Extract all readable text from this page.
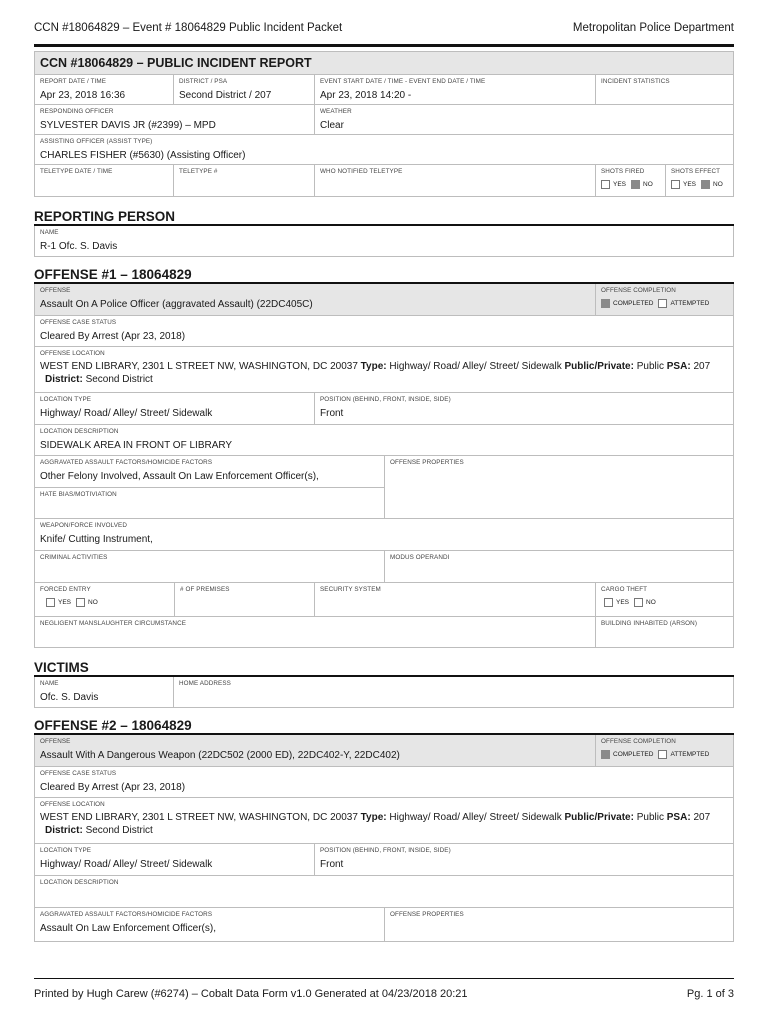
CCN #18064829 – Event # 18064829 Public Incident Packet	Metropolitan Police Department
CCN #18064829 – PUBLIC INCIDENT REPORT
REPORT DATE / TIME
Apr 23, 2018 16:36
DISTRICT / PSA
Second District / 207
EVENT START DATE / TIME - EVENT END DATE / TIME
Apr 23, 2018 14:20 -
INCIDENT STATISTICS
RESPONDING OFFICER
SYLVESTER DAVIS JR (#2399) – MPD
WEATHER
Clear
ASSISTING OFFICER (ASSIST TYPE)
CHARLES FISHER (#5630) (Assisting Officer)
TELETYPE DATE / TIME	TELETYPE #	WHO NOTIFIED TELETYPE	SHOTS FIRED
YES	NO
SHOTS EFFECT
YES	NO
REPORTING PERSON
NAME
R-1 Ofc. S. Davis
OFFENSE #1 – 18064829
OFFENSE
Assault On A Police Officer (aggravated Assault) (22DC405C)
OFFENSE COMPLETION
COMPLETED	ATTEMPTED
OFFENSE CASE STATUS
Cleared By Arrest (Apr 23, 2018)
OFFENSE LOCATION
WEST END LIBRARY, 2301 L STREET NW, WASHINGTON, DC 20037 Type: Highway/ Road/ Alley/ Street/ Sidewalk Public/Private: Public PSA: 207
District: Second District
LOCATION TYPE
Highway/ Road/ Alley/ Street/ Sidewalk
POSITION (BEHIND, FRONT, INSIDE, SIDE)
Front
LOCATION DESCRIPTION
SIDEWALK AREA IN FRONT OF LIBRARY
AGGRAVATED ASSAULT FACTORS/HOMICIDE FACTORS
Other Felony Involved, Assault On Law Enforcement Officer(s),
HATE BIAS/MOTIVIATION
OFFENSE PROPERTIES
WEAPON/FORCE INVOLVED
Knife/ Cutting Instrument,
CRIMINAL ACTIVITIES	MODUS OPERANDI
FORCED ENTRY
YES	NO
# OF PREMISES	SECURITY SYSTEM	CARGO THEFT
YES	NO
NEGLIGENT MANSLAUGHTER CIRCUMSTANCE	BUILDING INHABITED (ARSON)
VICTIMS
NAME
Ofc. S. Davis
HOME ADDRESS
OFFENSE #2 – 18064829
OFFENSE
Assault With A Dangerous Weapon (22DC502 (2000 ED), 22DC402-Y, 22DC402)
OFFENSE COMPLETION
COMPLETED	ATTEMPTED
OFFENSE CASE STATUS
Cleared By Arrest (Apr 23, 2018)
OFFENSE LOCATION
WEST END LIBRARY, 2301 L STREET NW, WASHINGTON, DC 20037 Type: Highway/ Road/ Alley/ Street/ Sidewalk Public/Private: Public PSA: 207
District: Second District
LOCATION TYPE
Highway/ Road/ Alley/ Street/ Sidewalk
POSITION (BEHIND, FRONT, INSIDE, SIDE)
Front
LOCATION DESCRIPTION
AGGRAVATED ASSAULT FACTORS/HOMICIDE FACTORS
Assault On Law Enforcement Officer(s),
OFFENSE PROPERTIES
Printed by Hugh Carew (#6274) – Cobalt Data Form v1.0 Generated at 04/23/2018 20:21	Pg. 1 of 3
